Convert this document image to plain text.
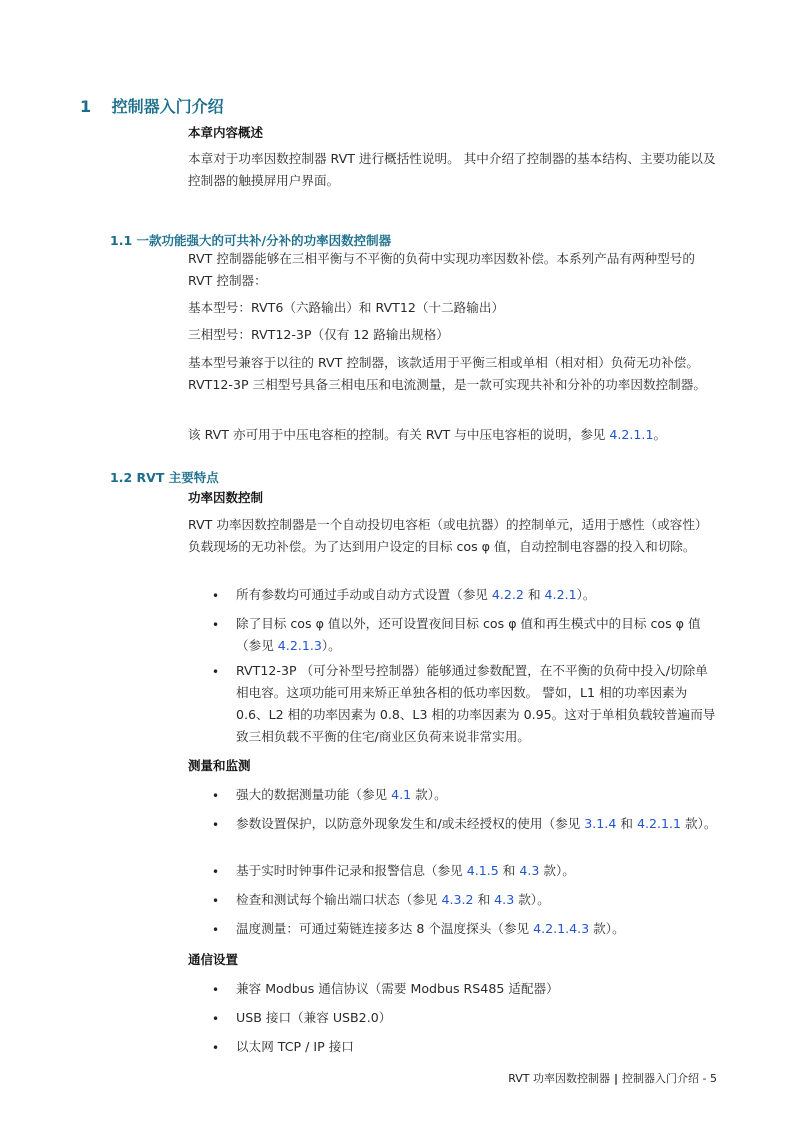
1 控制器入门介绍
本章内容概述

本章对于功率因数控制器 RVT 进行概括性说明。 其中介绍了控制器的基本结构、主要功能以及控制器的触摸屏用户界面。

1.1 一款功能强大的可共补/分补的功率因数控制器

RVT 控制器能够在三相平衡与不平衡的负荷中实现功率因数补偿。本系列产品有两种型号的 RVT 控制器：

基本型号：RVT6（六路输出）和 RVT12（十二路输出）

三相型号：RVT12-3P（仅有 12 路输出规格）

基本型号兼容于以往的 RVT 控制器，该款适用于平衡三相或单相（相对相）负荷无功补偿。RVT12-3P 三相型号具备三相电压和电流测量，是一款可实现共补和分补的功率因数控制器。

该 RVT 亦可用于中压电容柜的控制。有关 RVT 与中压电容柜的说明，参见 4.2.1.1。

1.2 RVT 主要特点
功率因数控制

RVT 功率因数控制器是一个自动投切电容柜（或电抗器）的控制单元，适用于感性（或容性）负载现场的无功补偿。为了达到用户设定的目标 cos φ 值，自动控制电容器的投入和切除。

• 所有参数均可通过手动或自动方式设置（参见 4.2.2 和 4.2.1）。

• 除了目标 cos φ 值以外，还可设置夜间目标 cos φ 值和再生模式中的目标 cos φ 值（参见 4.2.1.3）。

• RVT12-3P （可分补型号控制器）能够通过参数配置，在不平衡的负荷中投入/切除单相电容。这项功能可用来矫正单独各相的低功率因数。 譬如，L1 相的功率因素为 0.6、L2 相的功率因素为 0.8、L3 相的功率因素为 0.95。这对于单相负载较普遍而导致三相负载不平衡的住宅/商业区负荷来说非常实用。

测量和监测
• 强大的数据测量功能（参见 4.1 款）。

• 参数设置保护，以防意外现象发生和/或未经授权的使用（参见 3.1.4 和 4.2.1.1 款）。

• 基于实时时钟事件记录和报警信息（参见 4.1.5 和 4.3 款）。

• 检查和测试每个输出端口状态（参见 4.3.2 和 4.3 款）。

• 温度测量：可通过菊链连接多达 8 个温度探头（参见 4.2.1.4.3 款）。

通信设置
• 兼容 Modbus 通信协议（需要 Modbus RS485 适配器）

• USB 接口（兼容 USB2.0）

• 以太网 TCP / IP 接口

RVT 功率因数控制器 | 控制器入门介绍 - 5
